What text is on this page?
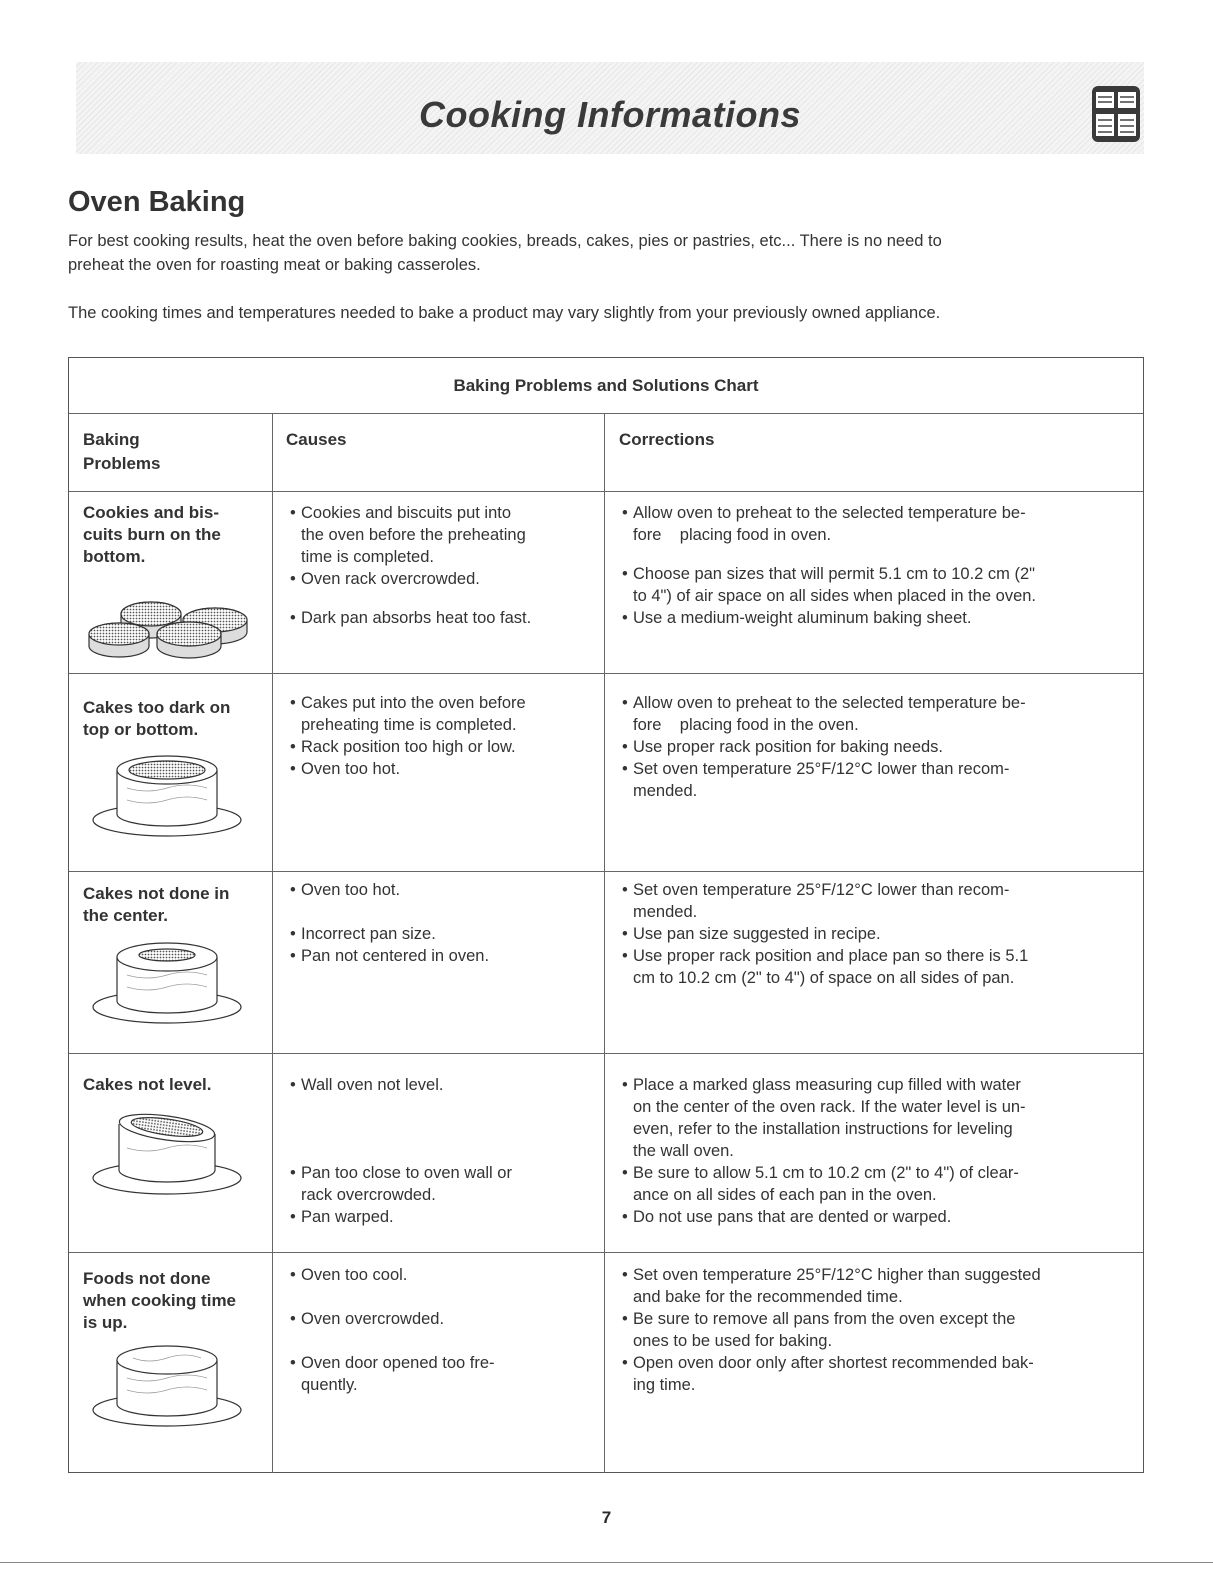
Cooking Informations
Oven Baking

For best cooking results, heat the oven before baking cookies, breads, cakes, pies or pastries, etc... There is no need to

preheat the oven for roasting meat or baking casseroles.

The cooking times and temperatures needed to bake a product may vary slightly from your previously owned appliance.

Baking Problems and Solutions Chart
Baking
Problems
Causes	Corrections
Cookies and bis-
cuits burn on the
bottom.
• Cookies and biscuits put into
the oven before the preheating
time is completed.
• Oven rack overcrowded.
• Dark pan absorbs heat too fast.
• Allow oven to preheat to the selected temperature be-
fore    placing food in oven.
• Choose pan sizes that will permit 5.1 cm to 10.2 cm (2"
to 4") of air space on all sides when placed in the oven.
• Use a medium-weight aluminum baking sheet.
Cakes too dark on
top or bottom.
• Cakes put into the oven before
preheating time is completed.
• Rack position too high or low.
• Oven too hot.
• Allow oven to preheat to the selected temperature be-
fore    placing food in the oven.
• Use proper rack position for baking needs.
• Set oven temperature 25°F/12°C lower than recom-
mended.
Cakes not done in
the center.
• Oven too hot.
• Incorrect pan size.
• Pan not centered in oven.
• Set oven temperature 25°F/12°C lower than recom-
mended.
• Use pan size suggested in recipe.
• Use proper rack position and place pan so there is 5.1
cm to 10.2 cm (2" to 4") of space on all sides of pan.
Cakes not level.	• Wall oven not level.
• Pan too close to oven wall or
rack overcrowded.
• Pan warped.
• Place a marked glass measuring cup filled with water
on the center of the oven rack. If the water level is un-
even, refer to the installation instructions for leveling
the wall oven.
• Be sure to allow 5.1 cm to 10.2 cm (2" to 4") of clear-
ance on all sides of each pan in the oven.
• Do not use pans that are dented or warped.
Foods not done
when cooking time
is up.
• Oven too cool.
• Oven overcrowded.
• Oven door opened too fre-
quently.
• Set oven temperature 25°F/12°C higher than suggested
and bake for the recommended time.
• Be sure to remove all pans from the oven except the
ones to be used for baking.
• Open oven door only after shortest recommended bak-
ing time.
7
